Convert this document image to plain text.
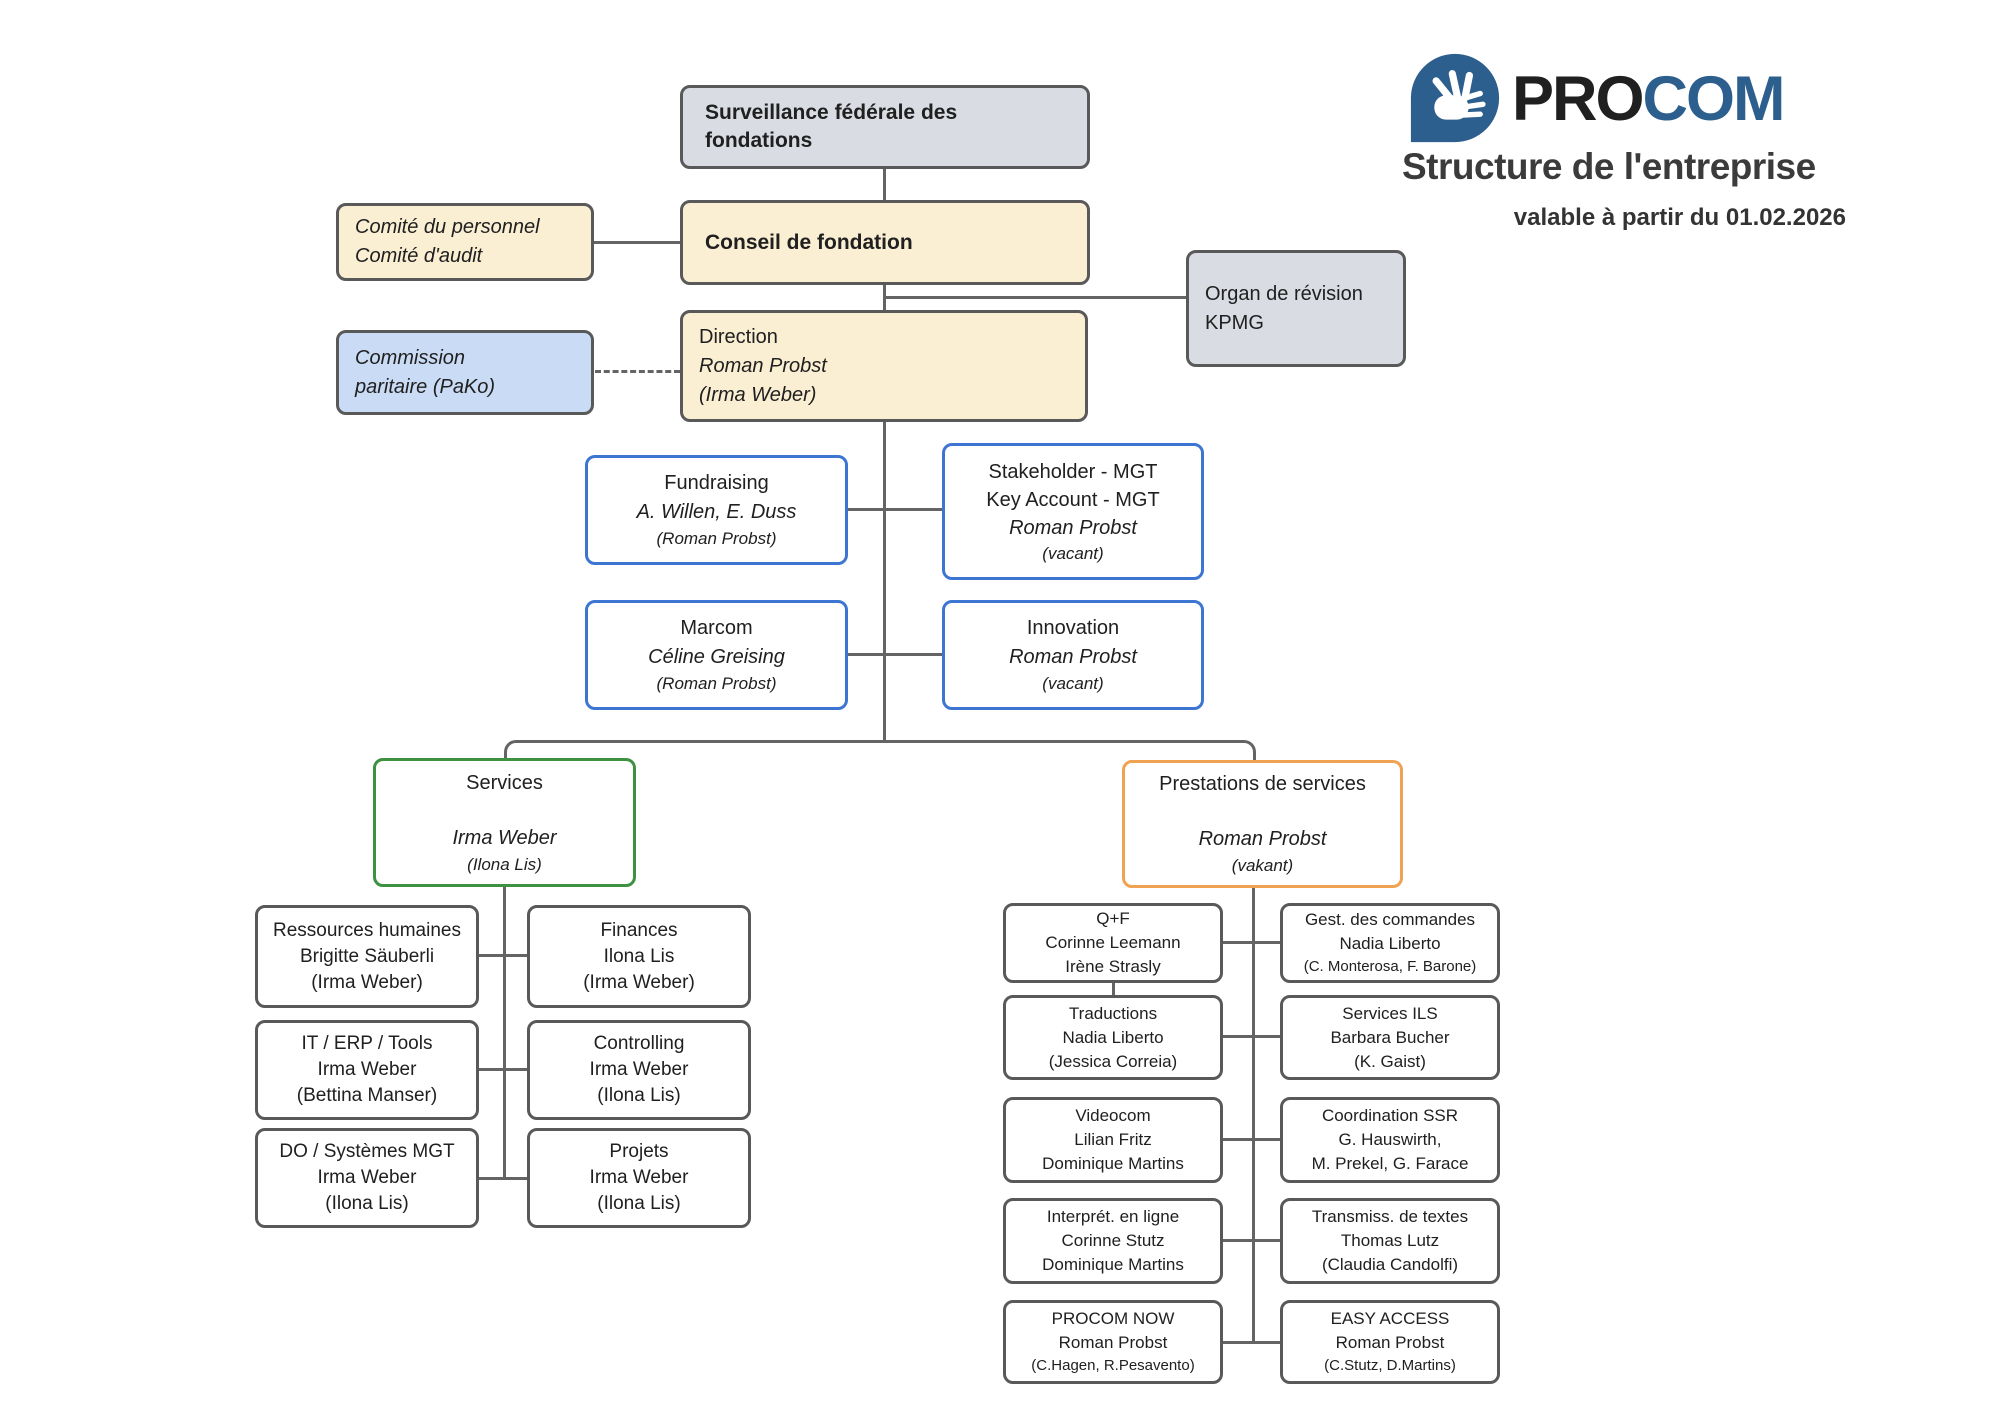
Surveillance fédérale des
fondations
Comité du personnel
Comité d'audit
Conseil de fondation
Organ de révision
KPMG
Commission
paritaire (PaKo)
Direction
Roman Probst
(Irma Weber)
Fundraising
A. Willen, E. Duss
(Roman Probst)
Stakeholder - MGT
Key Account - MGT
Roman Probst
(vacant)
Marcom
Céline Greising
(Roman Probst)
Innovation
Roman Probst
(vacant)
Services
Irma Weber
(Ilona Lis)
Prestations de services
Roman Probst
(vakant)
Ressources humaines
Brigitte Säuberli
(Irma Weber)
Finances
Ilona Lis
(Irma Weber)
IT / ERP / Tools
Irma Weber
(Bettina Manser)
Controlling
Irma Weber
(Ilona Lis)
DO / Systèmes MGT
Irma Weber
(Ilona Lis)
Projets
Irma Weber
(Ilona Lis)
Q+F
Corinne Leemann
Irène Strasly
Gest. des commandes
Nadia Liberto
(C. Monterosa, F. Barone)
Traductions
Nadia Liberto
(Jessica Correia)
Services ILS
Barbara Bucher
(K. Gaist)
Videocom
Lilian Fritz
Dominique Martins
Coordination SSR
G. Hauswirth,
M. Prekel, G. Farace
Interprét. en ligne
Corinne Stutz
Dominique Martins
Transmiss. de textes
Thomas Lutz
(Claudia Candolfi)
PROCOM NOW
Roman Probst
(C.Hagen, R.Pesavento)
EASY ACCESS
Roman Probst
(C.Stutz, D.Martins)
PROCOM
Structure de l'entreprise
valable à partir du 01.02.2026
